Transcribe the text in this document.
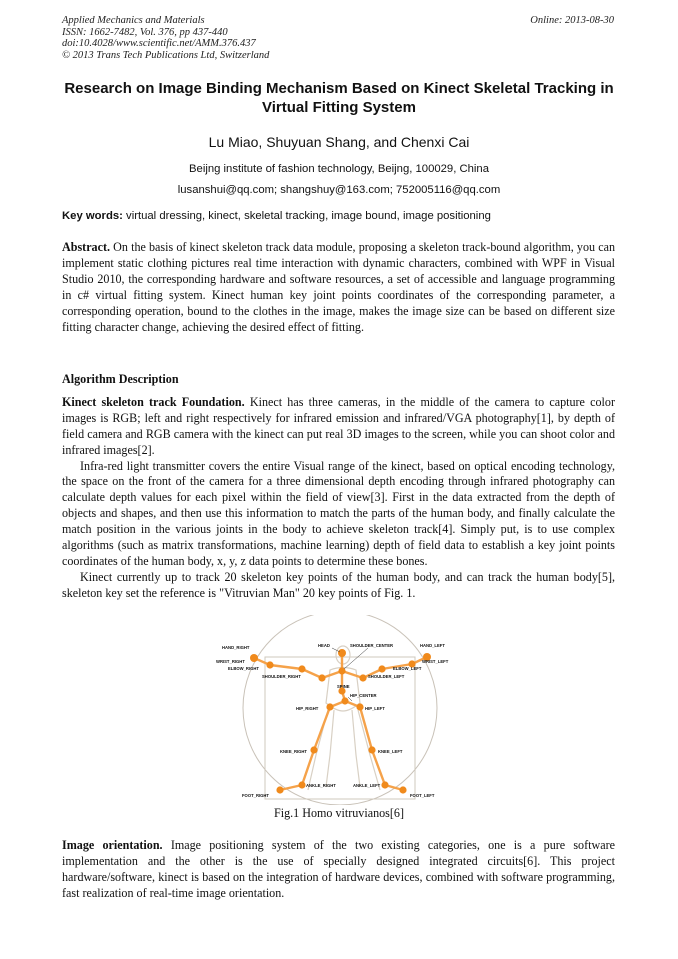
Applied Mechanics and Materials
ISSN: 1662-7482, Vol. 376, pp 437-440
doi:10.4028/www.scientific.net/AMM.376.437
© 2013 Trans Tech Publications Ltd, Switzerland
Online: 2013-08-30
Research on Image Binding Mechanism Based on Kinect Skeletal Tracking in Virtual Fitting System
Lu Miao, Shuyuan Shang, and Chenxi Cai
Beijng institute of fashion technology, Beijng, 100029, China
lusanshui@qq.com; shangshuy@163.com; 752005116@qq.com
Key words: virtual dressing, kinect, skeletal tracking, image bound, image positioning

Abstract. On the basis of kinect skeleton track data module, proposing a skeleton track-bound algorithm, you can implement static clothing pictures real time interaction with dynamic characters, combined with WPF in Visual Studio 2010, the corresponding hardware and software resources, a set of accessible and language programming in c# virtual fitting system. Kinect human key joint points coordinates of the corresponding parameter, a corresponding operation, bound to the clothes in the image, makes the image size can be based on different size fitting character change, achieving the desired effect of fitting.

Algorithm Description

Kinect skeleton track Foundation. Kinect has three cameras, in the middle of the camera to capture color images is RGB; left and right respectively for infrared emission and infrared/VGA photography[1], by depth of field camera and RGB camera with the kinect can put real 3D images to the screen, while you can shoot color and infrared images[2].

Infra-red light transmitter covers the entire Visual range of the kinect, based on optical encoding technology, the space on the front of the camera for a three dimensional depth encoding through infrared photography can calculate depth values for each pixel within the field of view[3]. First in the data extracted from the depth of objects and shapes, and then use this information to match the parts of the human body, and finally calculate the match position in the various joints in the body to achieve skeleton track[4]. Simply put, is to use complex algorithms (such as matrix transformations, machine learning) depth of field data to establish a key joint points coordinates of the human body, x, y, z data points to determine these bones.

Kinect currently up to track 20 skeleton key points of the human body, and can track the human body[5], skeleton key set the reference is "Vitruvian Man" 20 key points of Fig. 1.

HAND_RIGHT	HEAD	SHOULDER_CENTER	HAND_LEFT
WRIST_RIGHT	WRIST_LEFT
ELBOW_RIGHT	ELBOW_LEFT
SHOULDER_RIGHT	SHOULDER_LEFT
SPINE
HIP_CENTER
HIP_RIGHT	HIP_LEFT
KNEE_RIGHT	KNEE_LEFT
ANKLE_RIGHT	ANKLE_LEFT
FOOT_RIGHT	FOOT_LEFT
Fig.1 Homo vitruvianos[6]

Image orientation. Image positioning system of the two existing categories, one is a pure software implementation and the other is the use of specially designed integrated circuits[6]. This project hardware/software, kinect is based on the integration of hardware devices, combined with software programming, fast realization of real-time image orientation.
